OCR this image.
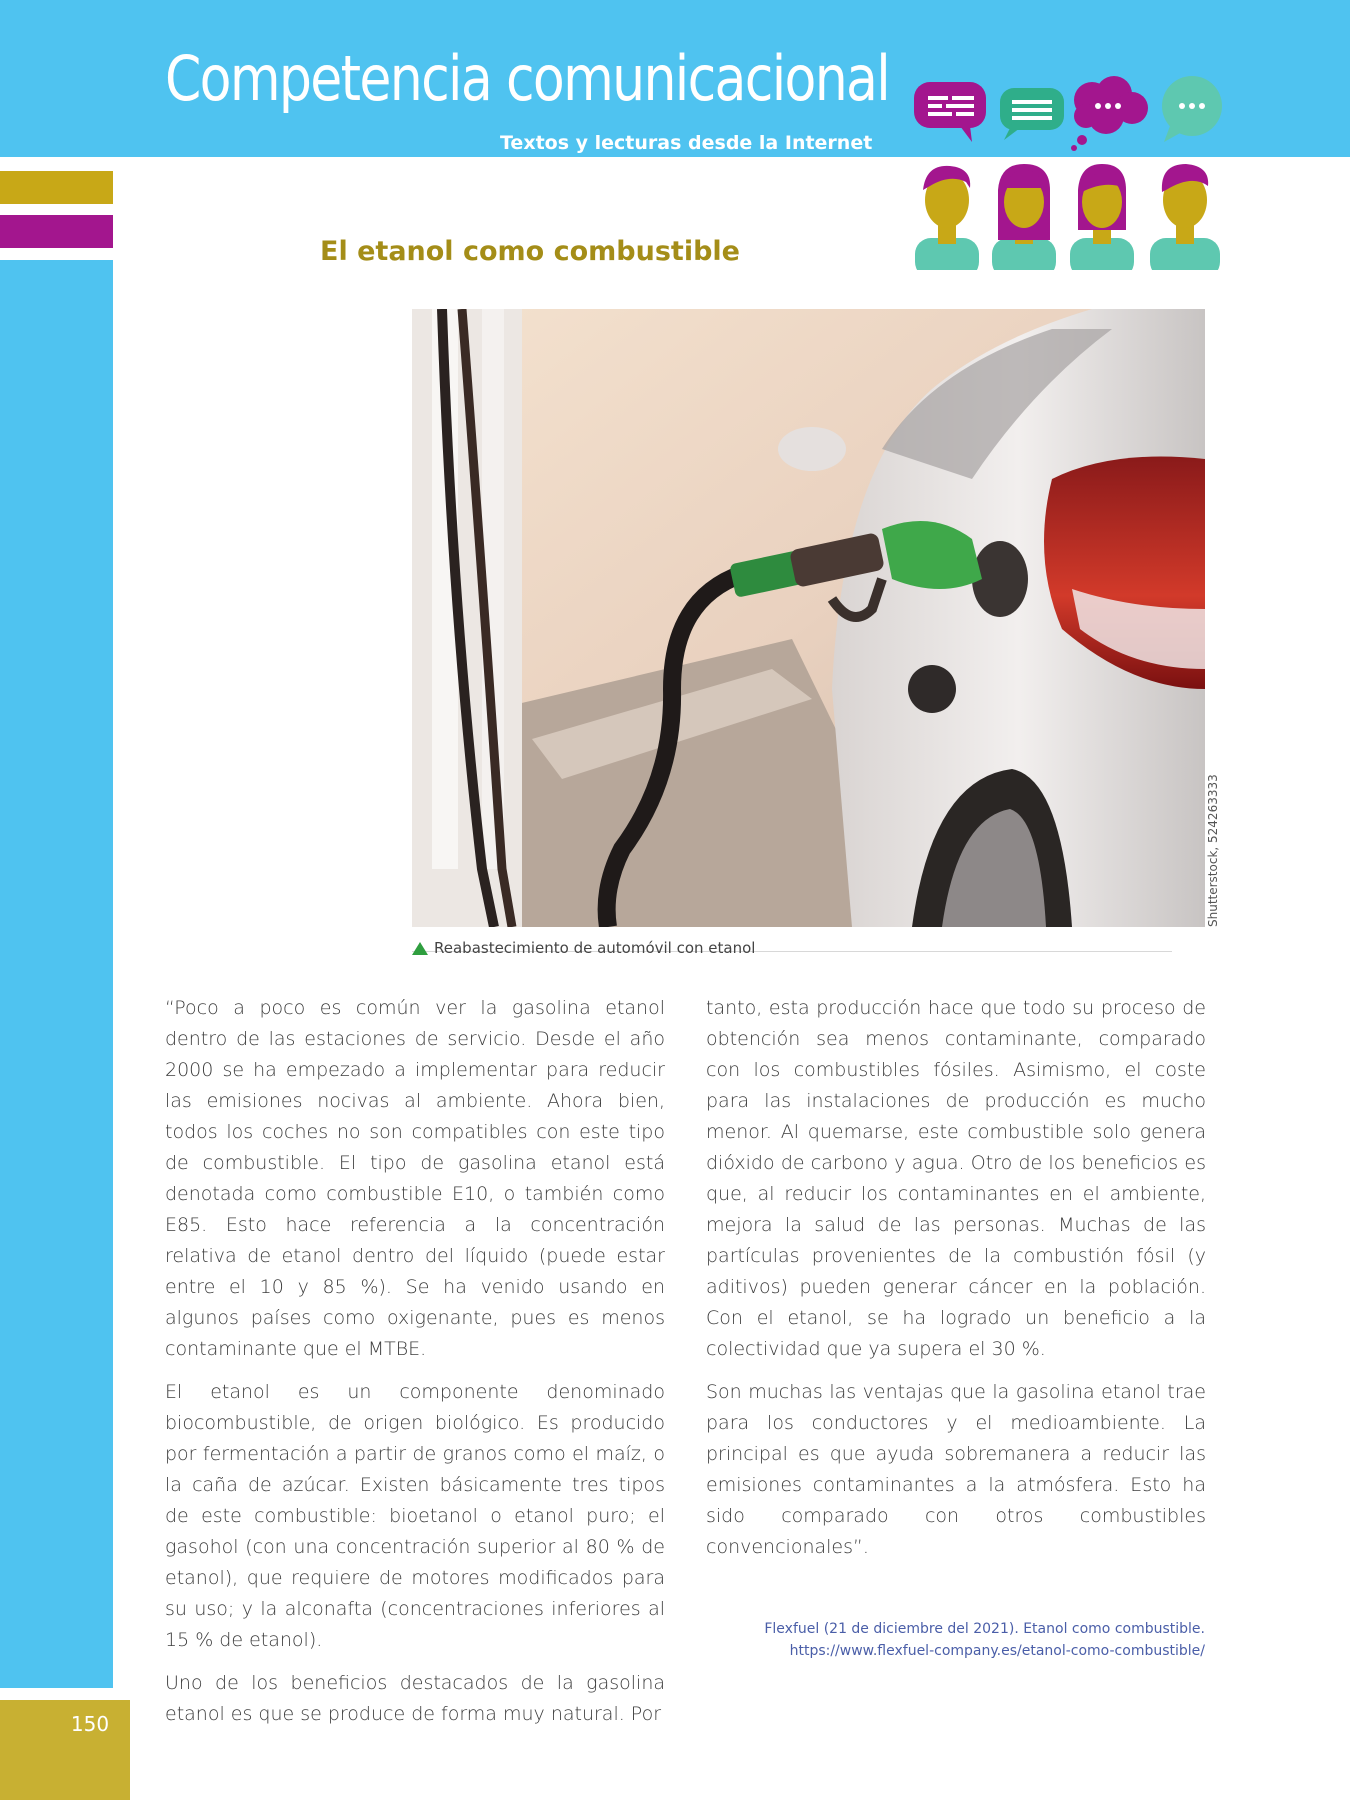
150
Competencia comunicacional
Textos y lecturas desde la Internet
El etanol como combustible
Shutterstock, 524263333
Reabastecimiento de automóvil con etanol

“Poco a poco es común ver la gasolina etanol dentro de las estaciones de servicio. Desde el año 2000 se ha empezado a implementar para reducir las emisiones nocivas al ambiente. Ahora bien, todos los coches no son compatibles con este tipo de combustible. El tipo de gasolina etanol está denotada como combustible E10, o también como E85. Esto hace referencia a la concentración relativa de etanol dentro del líquido (puede estar entre el 10 y 85 %). Se ha venido usando en algunos países como oxigenante, pues es menos contaminante que el MTBE.

El etanol es un componente denominado biocombustible, de origen biológico. Es producido por fermentación a partir de granos como el maíz, o la caña de azúcar. Existen básicamente tres tipos de este combustible: bioetanol o etanol puro; el gasohol (con una concentración superior al 80 % de etanol), que requiere de motores modificados para su uso; y la alconafta (concentraciones inferiores al 15 % de etanol).

Uno de los beneficios destacados de la gasolina etanol es que se produce de forma muy natural. Por

tanto, esta producción hace que todo su proceso de obtención sea menos contaminante, comparado con los combustibles fósiles. Asimismo, el coste para las instalaciones de producción es mucho menor. Al quemarse, este combustible solo genera dióxido de carbono y agua. Otro de los beneficios es que, al reducir los contaminantes en el ambiente, mejora la salud de las personas. Muchas de las partículas provenientes de la combustión fósil (y aditivos) pueden generar cáncer en la población. Con el etanol, se ha logrado un beneficio a la colectividad que ya supera el 30 %.

Son muchas las ventajas que la gasolina etanol trae para los conductores y el medioambiente. La principal es que ayuda sobremanera a reducir las emisiones contaminantes a la atmósfera. Esto ha sido comparado con otros combustibles convencionales”.

Flexfuel (21 de diciembre del 2021). Etanol como combustible.
https://www.flexfuel-company.es/etanol-como-combustible/
